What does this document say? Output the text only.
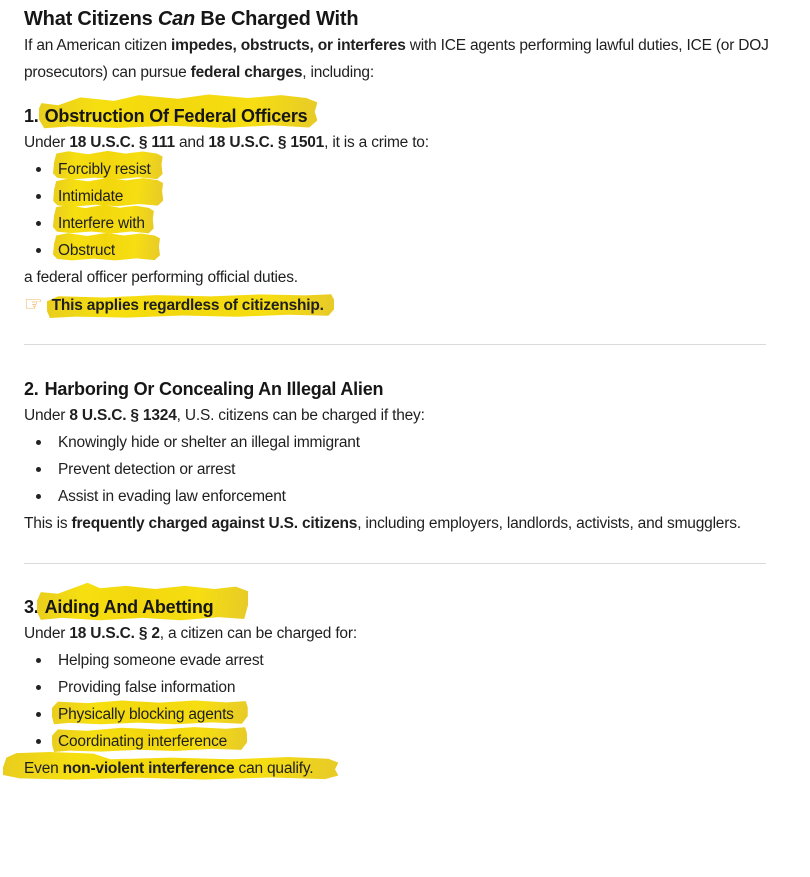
What Citizens Can Be Charged With

If an American citizen impedes, obstructs, or interferes with ICE agents performing lawful duties, ICE (or DOJ
prosecutors) can pursue federal charges, including:

1. Obstruction Of Federal Officers

Under 18 U.S.C. § 111 and 18 U.S.C. § 1501, it is a crime to:

Forcibly resist
Intimidate
Interfere with
Obstruct

a federal officer performing official duties.

☞ This applies regardless of citizenship.

2. Harboring Or Concealing An Illegal Alien

Under 8 U.S.C. § 1324, U.S. citizens can be charged if they:

Knowingly hide or shelter an illegal immigrant
Prevent detection or arrest
Assist in evading law enforcement

This is frequently charged against U.S. citizens, including employers, landlords, activists, and smugglers.

3. Aiding And Abetting

Under 18 U.S.C. § 2, a citizen can be charged for:

Helping someone evade arrest
Providing false information
Physically blocking agents
Coordinating interference

Even non-violent interference can qualify.
